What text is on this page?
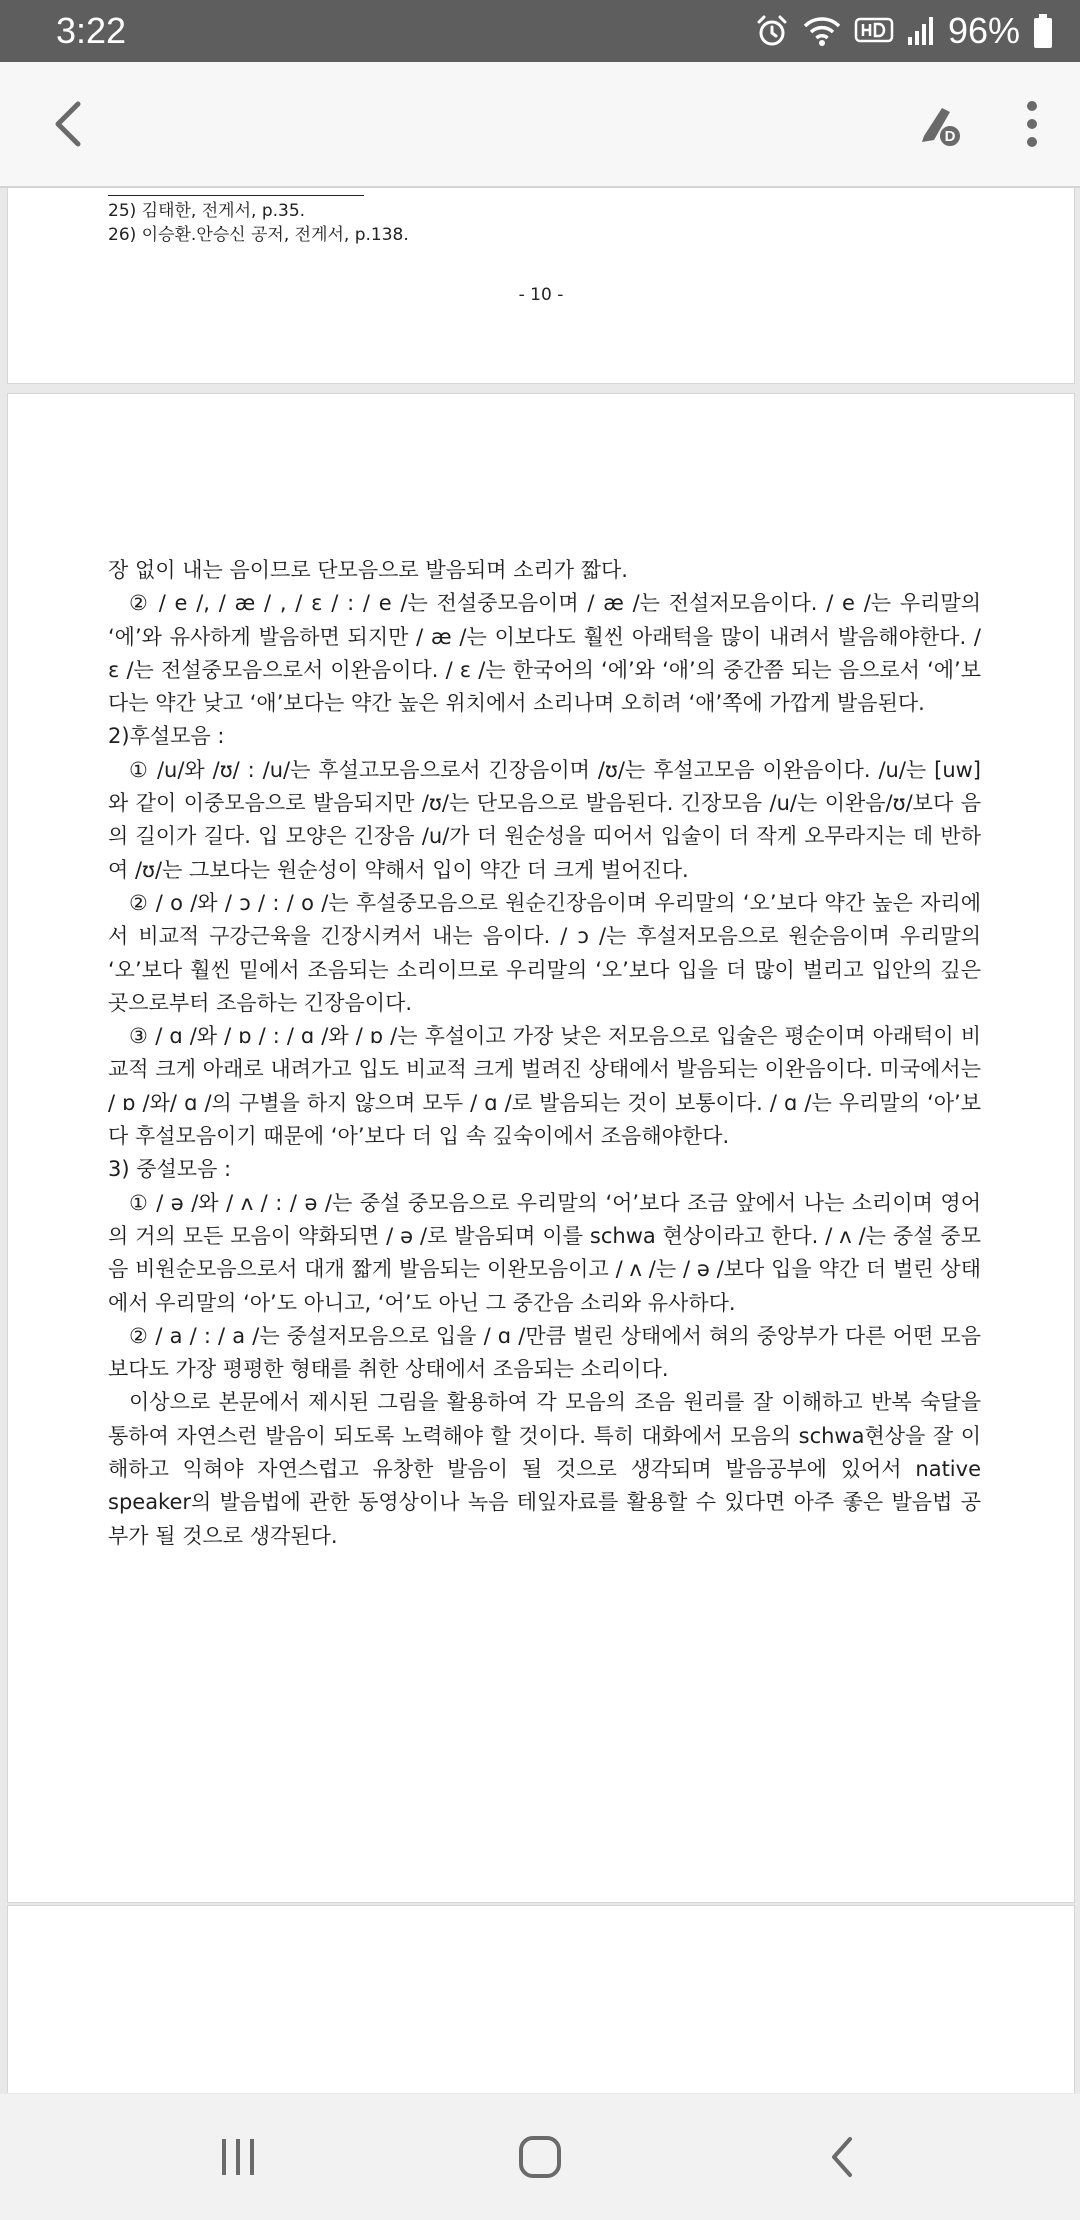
3:22	96%
D
25) 김태한, 전게서, p.35.
26) 이승환.안승신 공저, 전게서, p.138.
- 10 -

장 없이 내는 음이므로 단모음으로 발음되며 소리가 짧다.

② / e /, / æ / , / ɛ / : / e /는 전설중모음이며 / æ /는 전설저모음이다. / e /는 우리말의 ‘에’와 유사하게 발음하면 되지만 / æ /는 이보다도 훨씬 아래턱을 많이 내려서 발음해야한다. / ɛ /는 전설중모음으로서 이완음이다. / ɛ /는 한국어의 ‘에’와 ‘애’의 중간쯤 되는 음으로서 ‘에’보다는 약간 낮고 ‘애’보다는 약간 높은 위치에서 소리나며 오히려 ‘애’쪽에 가깝게 발음된다.

2)후설모음 :

① /u/와 /ʊ/ : /u/는 후설고모음으로서 긴장음이며 /ʊ/는 후설고모음 이완음이다. /u/는 [uw]와 같이 이중모음으로 발음되지만 /ʊ/는 단모음으로 발음된다. 긴장모음 /u/는 이완음/ʊ/보다 음의 길이가 길다. 입 모양은 긴장음 /u/가 더 원순성을 띠어서 입술이 더 작게 오무라지는 데 반하여 /ʊ/는 그보다는 원순성이 약해서 입이 약간 더 크게 벌어진다.

② / o /와 / ɔ / : / o /는 후설중모음으로 원순긴장음이며 우리말의 ‘오’보다 약간 높은 자리에서 비교적 구강근육을 긴장시켜서 내는 음이다. / ɔ /는 후설저모음으로 원순음이며 우리말의 ‘오’보다 훨씬 밑에서 조음되는 소리이므로 우리말의 ‘오’보다 입을 더 많이 벌리고 입안의 깊은 곳으로부터 조음하는 긴장음이다.

③ / ɑ /와 / ɒ / : / ɑ /와 / ɒ /는 후설이고 가장 낮은 저모음으로 입술은 평순이며 아래턱이 비교적 크게 아래로 내려가고 입도 비교적 크게 벌려진 상태에서 발음되는 이완음이다. 미국에서는 / ɒ /와/ ɑ /의 구별을 하지 않으며 모두 / ɑ /로 발음되는 것이 보통이다. / ɑ /는 우리말의 ‘아’보다 후설모음이기 때문에 ‘아’보다 더 입 속 깊숙이에서 조음해야한다.

3) 중설모음 :

① / ə /와 / ʌ / : / ə /는 중설 중모음으로 우리말의 ‘어’보다 조금 앞에서 나는 소리이며 영어의 거의 모든 모음이 약화되면 / ə /로 발음되며 이를 schwa 현상이라고 한다. / ʌ /는 중설 중모음 비원순모음으로서 대개 짧게 발음되는 이완모음이고 / ʌ /는 / ə /보다 입을 약간 더 벌린 상태에서 우리말의 ‘아’도 아니고, ‘어’도 아닌 그 중간음 소리와 유사하다.

② / a / : / a /는 중설저모음으로 입을 / ɑ /만큼 벌린 상태에서 혀의 중앙부가 다른 어떤 모음보다도 가장 평평한 형태를 취한 상태에서 조음되는 소리이다.

이상으로 본문에서 제시된 그림을 활용하여 각 모음의 조음 원리를 잘 이해하고 반복 숙달을 통하여 자연스런 발음이 되도록 노력해야 할 것이다. 특히 대화에서 모음의 schwa현상을 잘 이해하고 익혀야 자연스럽고 유창한 발음이 될 것으로 생각되며 발음공부에 있어서 native speaker의 발음법에 관한 동영상이나 녹음 테잎자료를 활용할 수 있다면 아주 좋은 발음법 공부가 될 것으로 생각된다.
